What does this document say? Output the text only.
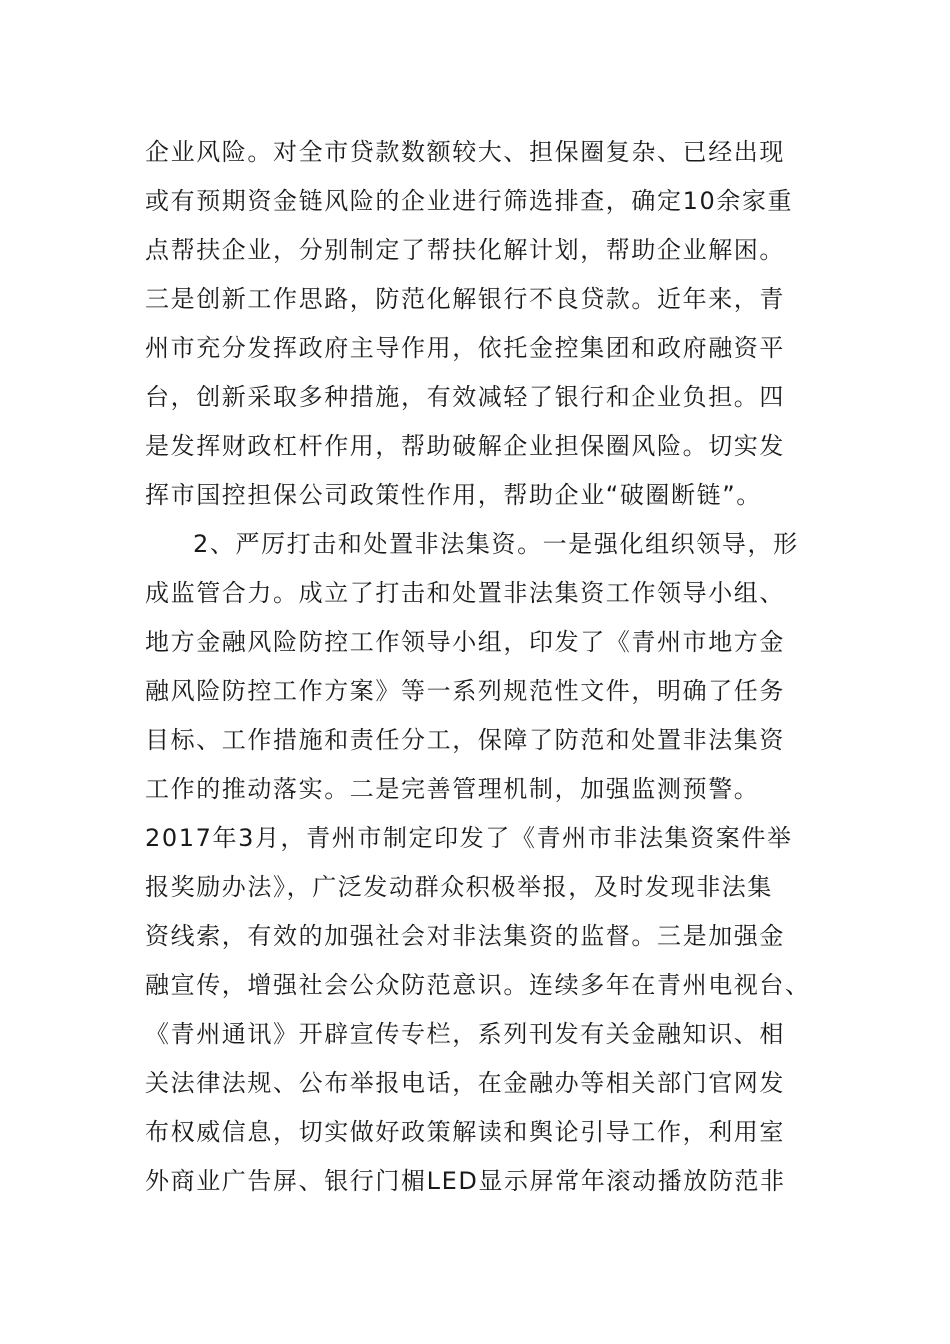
企业风险。对全市贷款数额较大、担保圈复杂、已经出现
或有预期资金链风险的企业进行筛选排查，确定10余家重
点帮扶企业，分别制定了帮扶化解计划，帮助企业解困。
三是创新工作思路，防范化解银行不良贷款。近年来，青
州市充分发挥政府主导作用，依托金控集团和政府融资平
台，创新采取多种措施，有效减轻了银行和企业负担。四
是发挥财政杠杆作用，帮助破解企业担保圈风险。切实发
挥市国控担保公司政策性作用，帮助企业“破圈断链”。
2、严厉打击和处置非法集资。一是强化组织领导，形
成监管合力。成立了打击和处置非法集资工作领导小组、
地方金融风险防控工作领导小组，印发了《青州市地方金
融风险防控工作方案》等一系列规范性文件，明确了任务
目标、工作措施和责任分工，保障了防范和处置非法集资
工作的推动落实。二是完善管理机制，加强监测预警。
2017年3月，青州市制定印发了《青州市非法集资案件举
报奖励办法》，广泛发动群众积极举报，及时发现非法集
资线索，有效的加强社会对非法集资的监督。三是加强金
融宣传，增强社会公众防范意识。连续多年在青州电视台、
《青州通讯》开辟宣传专栏，系列刊发有关金融知识、相
关法律法规、公布举报电话，在金融办等相关部门官网发
布权威信息，切实做好政策解读和舆论引导工作，利用室
外商业广告屏、银行门楣LED显示屏常年滚动播放防范非
